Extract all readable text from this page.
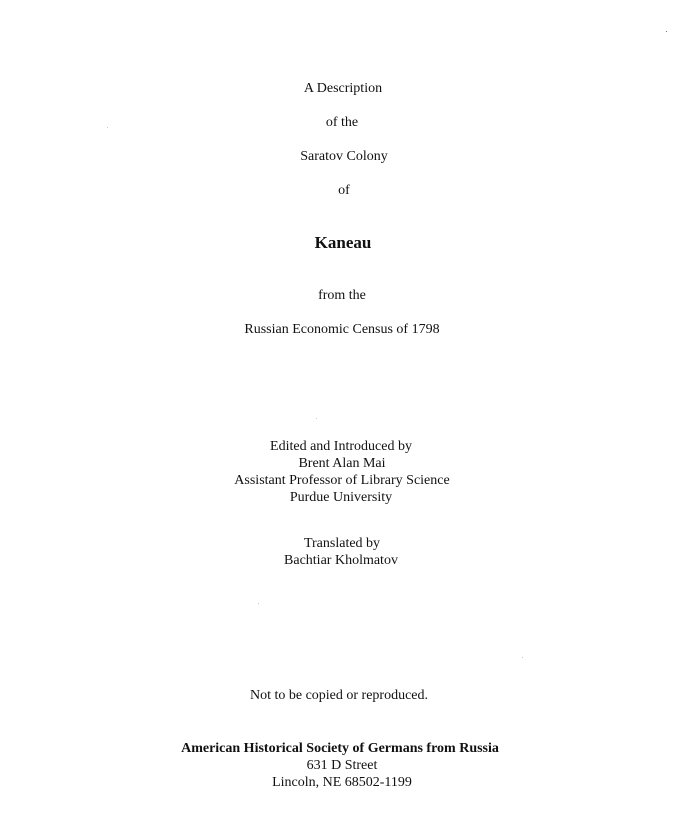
A Description
of the
Saratov Colony
of
Kaneau
from the
Russian Economic Census of 1798
Edited and Introduced by
Brent Alan Mai
Assistant Professor of Library Science
Purdue University
Translated by
Bachtiar Kholmatov
Not to be copied or reproduced.
American Historical Society of Germans from Russia
631 D Street
Lincoln, NE 68502-1199
